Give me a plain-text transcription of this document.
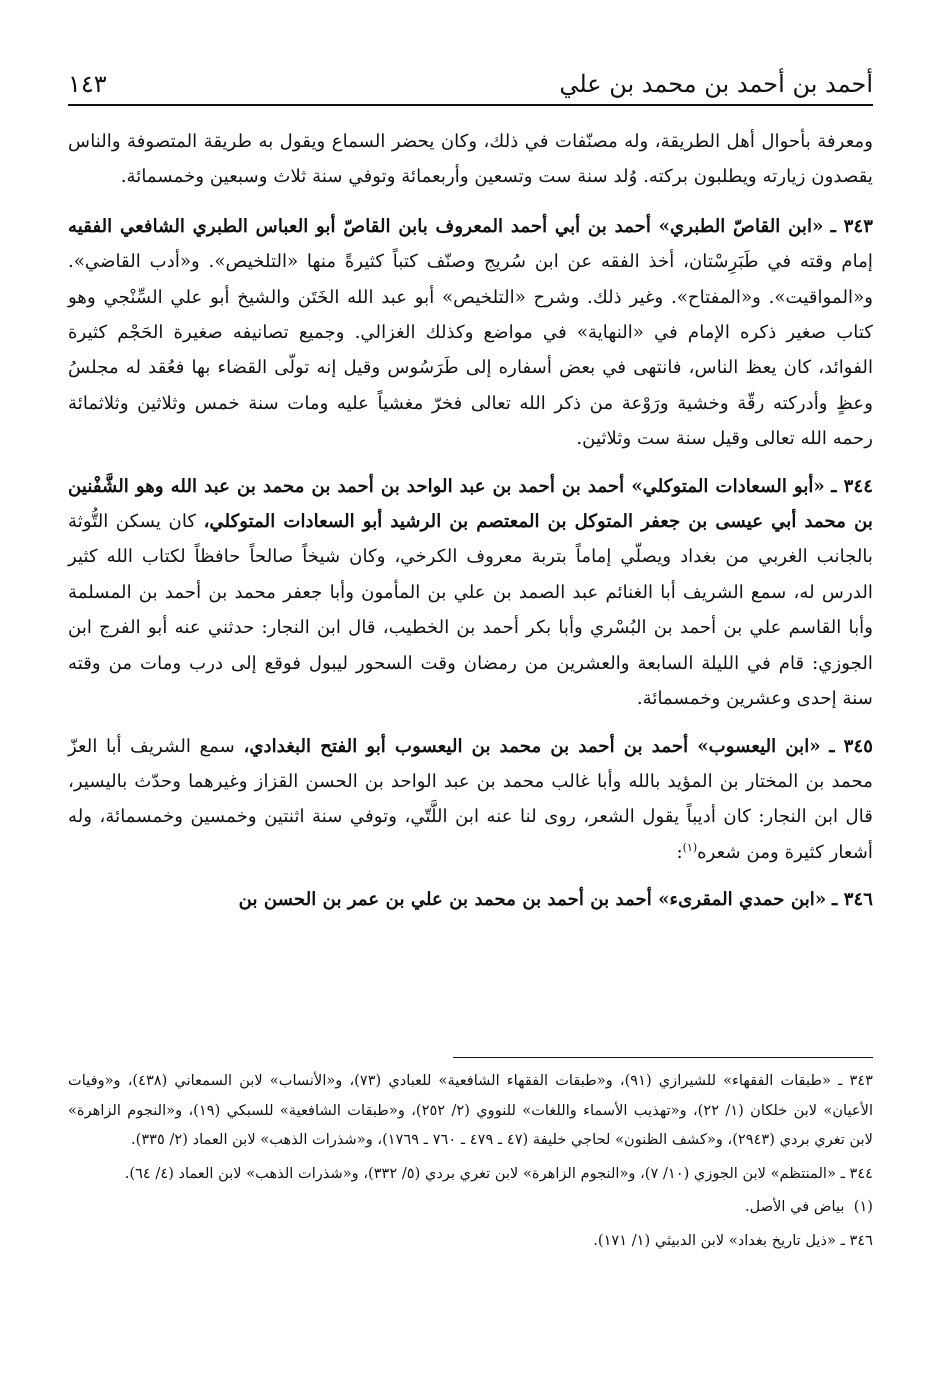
١٤٣	أحمد بن أحمد بن محمد بن علي

ومعرفة بأحوال أهل الطريقة، وله مصنّفات في ذلك، وكان يحضر السماع ويقول به طريقة المتصوفة والناس يقصدون زيارته ويطلبون بركته. وُلد سنة ست وتسعين وأربعمائة وتوفي سنة ثلاث وسبعين وخمسمائة.

٣٤٣ ـ «ابن القاصّ الطبري» أحمد بن أبي أحمد المعروف بابن القاصّ أبو العباس الطبري الشافعي الفقيه إمام وقته في طَبَرِسْتان، أخذ الفقه عن ابن سُريج وصنّف كتباً كثيرةً منها «التلخيص». و«أدب القاضي». و«المواقيت». و«المفتاح». وغير ذلك. وشرح «التلخيص» أبو عبد الله الخَتَن والشيخ أبو علي السِّنْجي وهو كتاب صغير ذكره الإمام في «النهاية» في مواضع وكذلك الغزالي. وجميع تصانيفه صغيرة الحَجْم كثيرة الفوائد، كان يعظ الناس، فانتهى في بعض أسفاره إلى طَرَسُوس وقيل إنه تولّى القضاء بها فعُقد له مجلسُ وعظٍ وأدركته رقّة وخشية ورَوْعة من ذكر الله تعالى فخرّ مغشياً عليه ومات سنة خمس وثلاثين وثلاثمائة رحمه الله تعالى وقيل سنة ست وثلاثين.

٣٤٤ ـ «أبو السعادات المتوكلي» أحمد بن أحمد بن عبد الواحد بن أحمد بن محمد بن عبد الله وهو الشَّفْنين بن محمد أبي عيسى بن جعفر المتوكل بن المعتصم بن الرشيد أبو السعادات المتوكلي، كان يسكن التُّوثة بالجانب الغربي من بغداد ويصلّي إماماً بتربة معروف الكرخي، وكان شيخاً صالحاً حافظاً لكتاب الله كثير الدرس له، سمع الشريف أبا الغنائم عبد الصمد بن علي بن المأمون وأبا جعفر محمد بن أحمد بن المسلمة وأبا القاسم علي بن أحمد بن البُسْري وأبا بكر أحمد بن الخطيب، قال ابن النجار: حدثني عنه أبو الفرج ابن الجوزي: قام في الليلة السابعة والعشرين من رمضان وقت السحور ليبول فوقع إلى درب ومات من وقته سنة إحدى وعشرين وخمسمائة.

٣٤٥ ـ «ابن اليعسوب» أحمد بن أحمد بن محمد بن اليعسوب أبو الفتح البغدادي، سمع الشريف أبا العزّ محمد بن المختار بن المؤيد بالله وأبا غالب محمد بن عبد الواحد بن الحسن القزاز وغيرهما وحدّث باليسير، قال ابن النجار: كان أديباً يقول الشعر، روى لنا عنه ابن اللَّتّي، وتوفي سنة اثنتين وخمسين وخمسمائة، وله أشعار كثيرة ومن شعره$^{(١)}$:

٣٤٦ ـ «ابن حمدي المقرىء» أحمد بن أحمد بن محمد بن علي بن عمر بن الحسن بن

٣٤٣ ـ «طبقات الفقهاء» للشيرازي (٩١)، و«طبقات الفقهاء الشافعية» للعبادي (٧٣)، و«الأنساب» لابن السمعاني (٤٣٨)، و«وفيات الأعيان» لابن خلكان (١/ ٢٢)، و«تهذيب الأسماء واللغات» للنووي (٢/ ٢٥٢)، و«طبقات الشافعية» للسبكي (١٩)، و«النجوم الزاهرة» لابن تغري بردي (٢٩٤٣)، و«كشف الظنون» لحاجي خليفة (٤٧ ـ ٤٧٩ ـ ٧٦٠ ـ ١٧٦٩)، و«شذرات الذهب» لابن العماد (٢/ ٣٣٥).

٣٤٤ ـ «المنتظم» لابن الجوزي (١٠/ ٧)، و«النجوم الزاهرة» لابن تغري بردي (٥/ ٣٣٢)، و«شذرات الذهب» لابن العماد (٤/ ٦٤).

(١)  بياض في الأصل.

٣٤٦ ـ «ذيل تاريخ بغداد» لابن الدبيثي (١/ ١٧١).
